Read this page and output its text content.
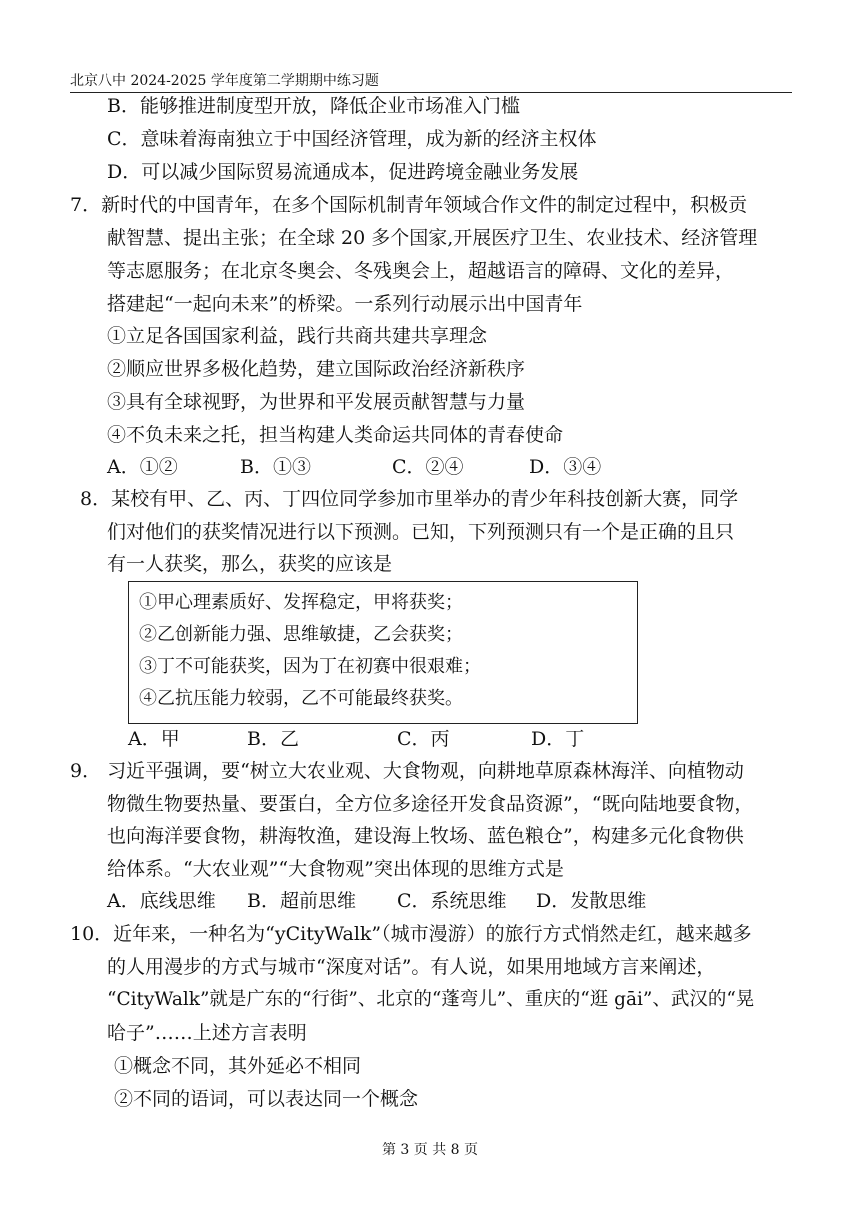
北京八中 2024-2025 学年度第二学期期中练习题
B．能够推进制度型开放，降低企业市场准入门槛
C．意味着海南独立于中国经济管理，成为新的经济主权体
D．可以减少国际贸易流通成本，促进跨境金融业务发展
7．新时代的中国青年，在多个国际机制青年领域合作文件的制定过程中，积极贡
献智慧、提出主张；在全球 20 多个国家,开展医疗卫生、农业技术、经济管理
等志愿服务；在北京冬奥会、冬残奥会上，超越语言的障碍、文化的差异，
搭建起“一起向未来”的桥梁。一系列行动展示出中国青年
①立足各国国家利益，践行共商共建共享理念
②顺应世界多极化趋势，建立国际政治经济新秩序
③具有全球视野，为世界和平发展贡献智慧与力量
④不负未来之托，担当构建人类命运共同体的青春使命
A．①②	B．①③	C．②④	D．③④
8．某校有甲、乙、丙、丁四位同学参加市里举办的青少年科技创新大赛，同学
们对他们的获奖情况进行以下预测。已知，下列预测只有一个是正确的且只
有一人获奖，那么，获奖的应该是
①甲心理素质好、发挥稳定，甲将获奖；
②乙创新能力强、思维敏捷，乙会获奖；
③丁不可能获奖，因为丁在初赛中很艰难；
④乙抗压能力较弱，乙不可能最终获奖。
A．甲	B．乙	C．丙	D．丁
9． 习近平强调，要“树立大农业观、大食物观，向耕地草原森林海洋、向植物动
物微生物要热量、要蛋白，全方位多途径开发食品资源”，“既向陆地要食物，
也向海洋要食物，耕海牧渔，建设海上牧场、蓝色粮仓”，构建多元化食物供
给体系。“大农业观”“大食物观”突出体现的思维方式是
A．底线思维 B．超前思维 C．系统思维 D．发散思维
10．近年来，一种名为“yCityWalk”（城市漫游）的旅行方式悄然走红，越来越多
的人用漫步的方式与城市“深度对话”。有人说，如果用地域方言来阐述，
“CityWalk”就是广东的“行街”、北京的“蓬弯儿”、重庆的“逛 gāi”、武汉的“晃
哈子”……上述方言表明
①概念不同，其外延必不相同
②不同的语词，可以表达同一个概念
第 3 页 共 8 页
